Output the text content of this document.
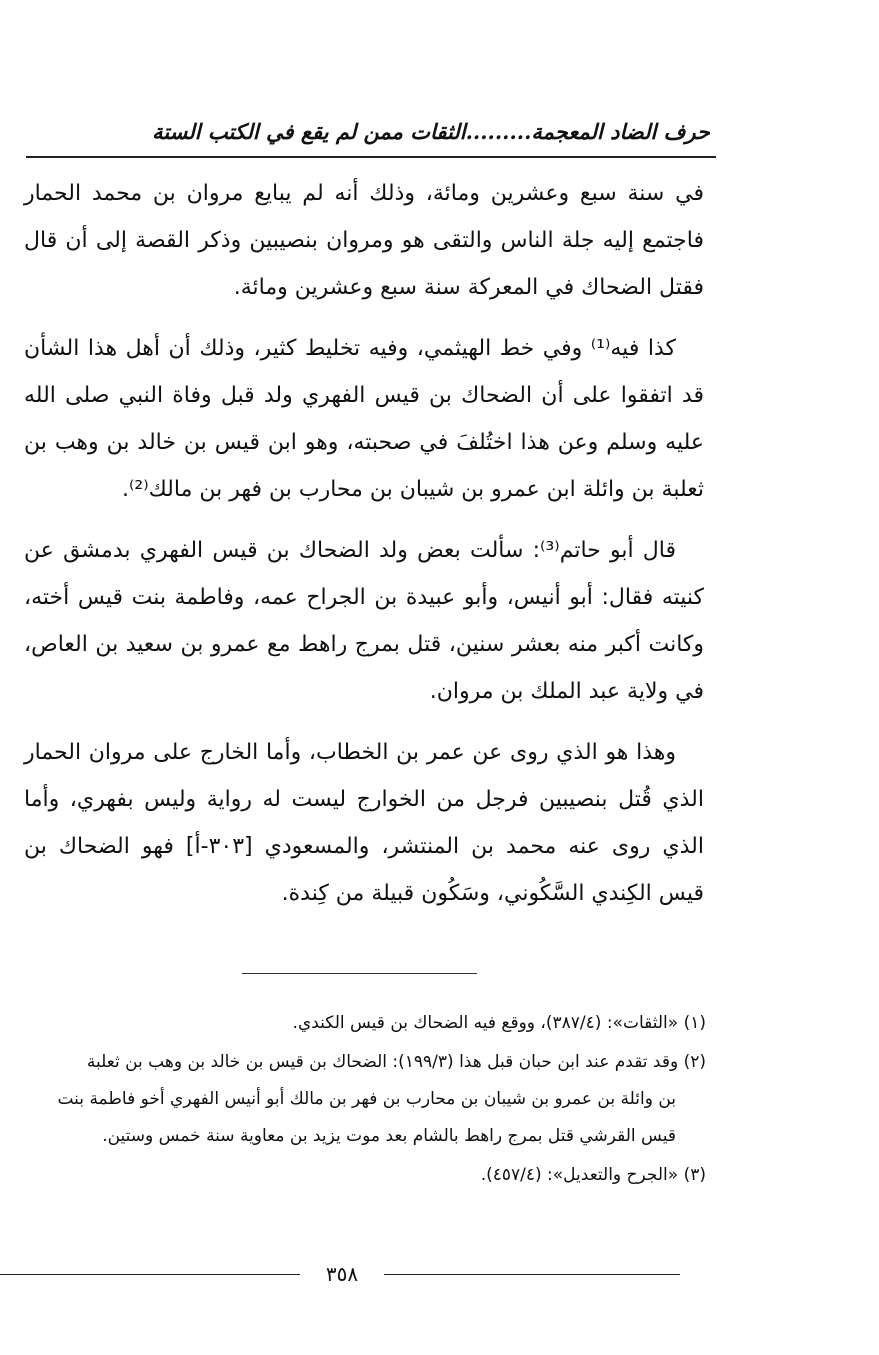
حرف الضاد المعجمة.........الثقات ممن لم يقع في الكتب الستة

في سنة سبع وعشرين ومائة، وذلك أنه لم يبايع مروان بن محمد الحمار فاجتمع إليه جلة الناس والتقى هو ومروان بنصيبين وذكر القصة إلى أن قال فقتل الضحاك في المعركة سنة سبع وعشرين ومائة.

كذا فيه⁽¹⁾ وفي خط الهيثمي، وفيه تخليط كثير، وذلك أن أهل هذا الشأن قد اتفقوا على أن الضحاك بن قيس الفهري ولد قبل وفاة النبي صلى الله عليه وسلم وعن هذا اختُلفَ في صحبته، وهو ابن قيس بن خالد بن وهب بن ثعلبة بن وائلة ابن عمرو بن شيبان بن محارب بن فهر بن مالك⁽²⁾.

قال أبو حاتم⁽³⁾: سألت بعض ولد الضحاك بن قيس الفهري بدمشق عن كنيته فقال: أبو أنيس، وأبو عبيدة بن الجراح عمه، وفاطمة بنت قيس أخته، وكانت أكبر منه بعشر سنين، قتل بمرج راهط مع عمرو بن سعيد بن العاص، في ولاية عبد الملك بن مروان.

وهذا هو الذي روى عن عمر بن الخطاب، وأما الخارج على مروان الحمار الذي قُتل بنصيبين فرجل من الخوارج ليست له رواية وليس بفهري، وأما الذي روى عنه محمد بن المنتشر، والمسعودي [٣٠٣-أ] فهو الضحاك بن قيس الكِندي السَّكُوني، وسَكُون قبيلة من كِندة.

(١) «الثقات»: (٣٨٧/٤)، ووقع فيه الضحاك بن قيس الكندي.
(٢) وقد تقدم عند ابن حبان قبل هذا (١٩٩/٣): الضحاك بن قيس بن خالد بن وهب بن ثعلبة
بن وائلة بن عمرو بن شيبان بن محارب بن فهر بن مالك أبو أنيس الفهري أخو فاطمة بنت
قيس القرشي قتل بمرج راهط بالشام بعد موت يزيد بن معاوية سنة خمس وستين.
(٣) «الجرح والتعديل»: (٤٥٧/٤).
٣٥٨
